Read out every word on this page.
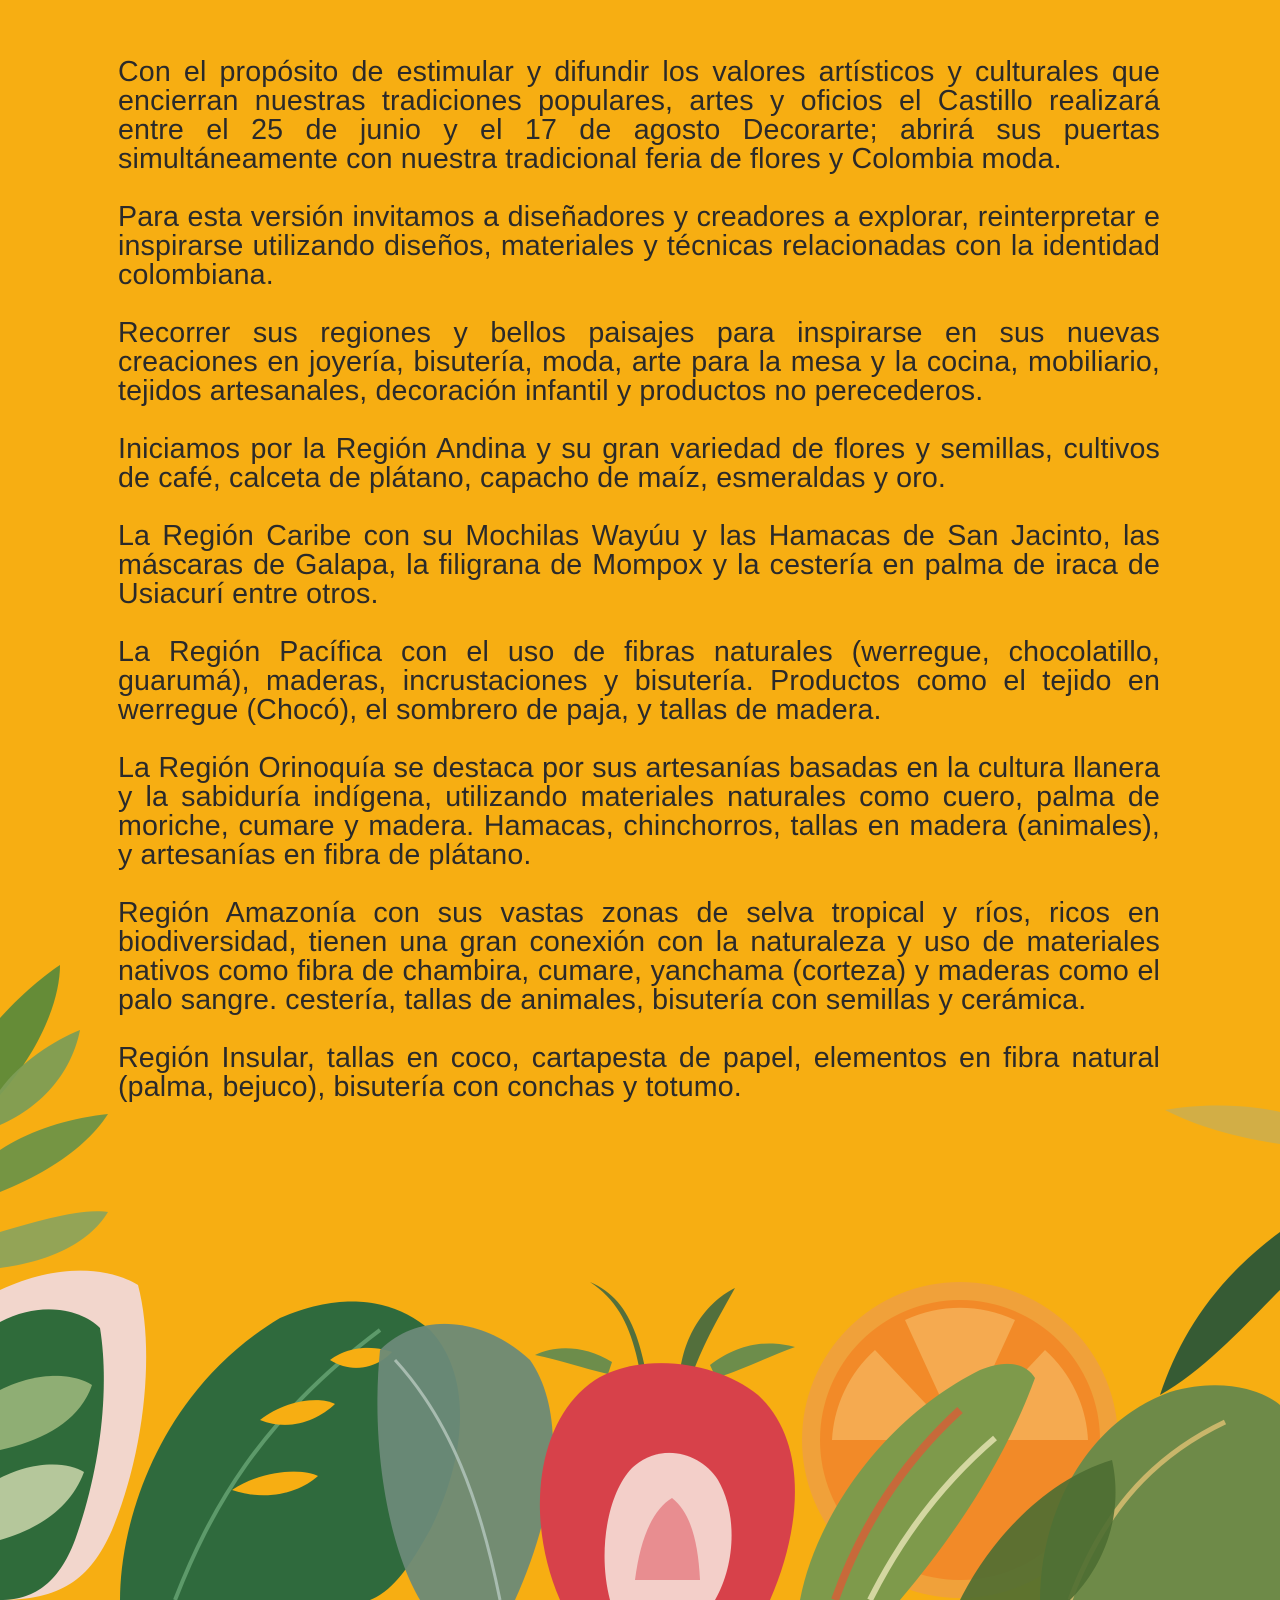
Con el propósito de estimular y difundir los valores artísticos y culturales que encierran nuestras tradiciones populares, artes y oficios el Castillo realizará entre el 25 de junio y el 17 de agosto Decorarte; abrirá sus puertas simultáneamente con nuestra tradicional feria de flores y Colombia moda.

Para esta versión invitamos a diseñadores y creadores a explorar, reinterpretar e inspirarse utilizando diseños, materiales y técnicas relacionadas con la identidad colombiana.

Recorrer sus regiones y bellos paisajes para inspirarse en sus nuevas creaciones en joyería, bisutería, moda, arte para la mesa y la cocina, mobiliario, tejidos artesanales, decoración infantil y productos no perecederos.

Iniciamos por la Región Andina y su gran variedad de flores y semillas, cultivos de café, calceta de plátano, capacho de maíz, esmeraldas y oro.

La Región Caribe con su Mochilas Wayúu y las Hamacas de San Jacinto, las máscaras de Galapa, la filigrana de Mompox y la cestería en palma de iraca de Usiacurí entre otros.

La Región Pacífica con el uso de fibras naturales (werregue, chocolatillo, guarumá), maderas, incrustaciones y bisutería. Productos como el tejido en werregue (Chocó), el sombrero de paja, y tallas de madera.

La Región Orinoquía se destaca por sus artesanías basadas en la cultura llanera y la sabiduría indígena, utilizando materiales naturales como cuero, palma de moriche, cumare y madera. Hamacas, chinchorros, tallas en madera (animales), y artesanías en fibra de plátano.

Región Amazonía con sus vastas zonas de selva tropical y ríos, ricos en biodiversidad, tienen una gran conexión con la naturaleza y uso de materiales nativos como fibra de chambira, cumare, yanchama (corteza) y maderas como el palo sangre. cestería, tallas de animales, bisutería con semillas y cerámica.

Región Insular, tallas en coco, cartapesta de papel, elementos en fibra natural (palma, bejuco), bisutería con conchas y totumo.
